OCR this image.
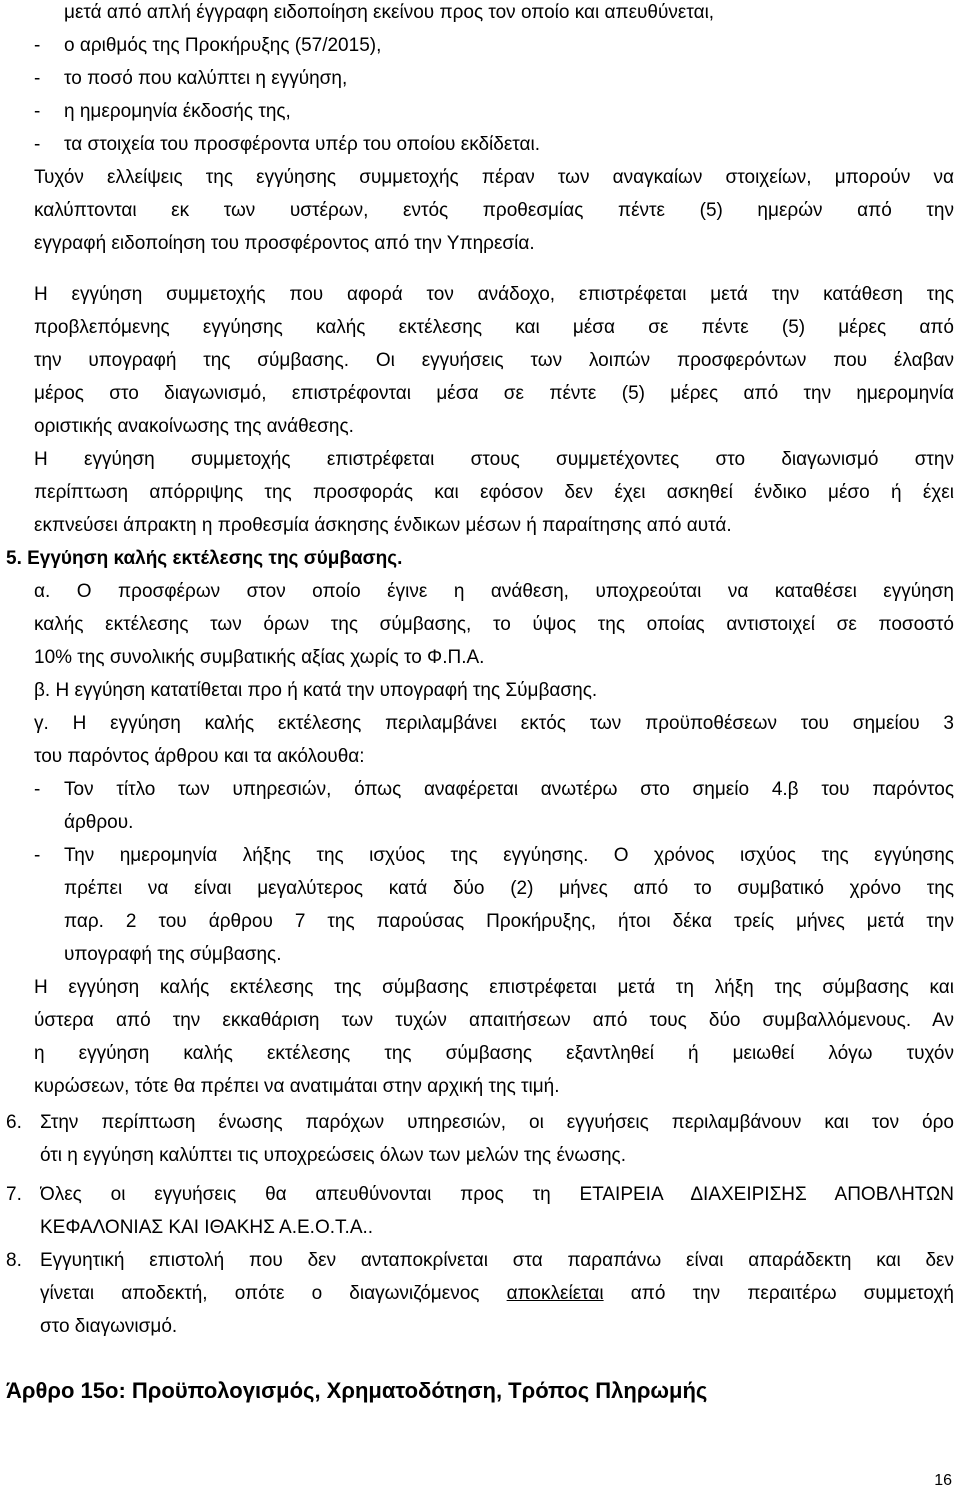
μετά από απλή έγγραφη ειδοποίηση εκείνου προς τον οποίο και απευθύνεται,
- ο αριθμός της Προκήρυξης (57/2015),
- το ποσό που καλύπτει η εγγύηση,
- η ημερομηνία έκδοσής της,
- τα στοιχεία του προσφέροντα υπέρ του οποίου εκδίδεται.
Τυχόν ελλείψεις της εγγύησης συμμετοχής πέραν των αναγκαίων στοιχείων, μπορούν να
καλύπτονται εκ των υστέρων, εντός προθεσμίας πέντε (5) ημερών από την
εγγραφή ειδοποίηση του προσφέροντος από την Υπηρεσία.
Η εγγύηση συμμετοχής που αφορά τον ανάδοχο, επιστρέφεται μετά την κατάθεση της
προβλεπόμενης εγγύησης καλής εκτέλεσης και μέσα σε πέντε (5) μέρες από
την υπογραφή της σύμβασης. Οι εγγυήσεις των λοιπών προσφερόντων που έλαβαν
μέρος στο διαγωνισμό, επιστρέφονται μέσα σε πέντε (5) μέρες από την ημερομηνία
οριστικής ανακοίνωσης της ανάθεσης.
Η εγγύηση συμμετοχής επιστρέφεται στους συμμετέχοντες στο διαγωνισμό στην
περίπτωση απόρριψης της προσφοράς και εφόσον δεν έχει ασκηθεί ένδικο μέσο ή έχει
εκπνεύσει άπρακτη η προθεσμία άσκησης ένδικων μέσων ή παραίτησης από αυτά.
5. Εγγύηση καλής εκτέλεσης της σύμβασης.
α. Ο προσφέρων στον οποίο έγινε η ανάθεση, υποχρεούται να καταθέσει εγγύηση
καλής εκτέλεσης των όρων της σύμβασης, το ύψος της οποίας αντιστοιχεί σε ποσοστό
10% της συνολικής συμβατικής αξίας χωρίς το Φ.Π.Α.
β. Η εγγύηση κατατίθεται προ ή κατά την υπογραφή της Σύμβασης.
γ. Η εγγύηση καλής εκτέλεσης περιλαμβάνει εκτός των προϋποθέσεων του σημείου 3
του παρόντος άρθρου και τα ακόλουθα:
- Τον τίτλο των υπηρεσιών, όπως αναφέρεται ανωτέρω στο σημείο 4.β του παρόντος
άρθρου.
- Την ημερομηνία λήξης της ισχύος της εγγύησης. Ο χρόνος ισχύος της εγγύησης
πρέπει να είναι μεγαλύτερος κατά δύο (2) μήνες από το συμβατικό χρόνο της
παρ. 2 του άρθρου 7 της παρούσας Προκήρυξης, ήτοι δέκα τρείς μήνες μετά την
υπογραφή της σύμβασης.
Η εγγύηση καλής εκτέλεσης της σύμβασης επιστρέφεται μετά τη λήξη της σύμβασης και
ύστερα από την εκκαθάριση των τυχών απαιτήσεων από τους δύο συμβαλλόμενους. Αν
η εγγύηση καλής εκτέλεσης της σύμβασης εξαντληθεί ή μειωθεί λόγω τυχόν
κυρώσεων, τότε θα πρέπει να ανατιμάται στην αρχική της τιμή.
6. Στην περίπτωση ένωσης παρόχων υπηρεσιών, οι εγγυήσεις περιλαμβάνουν και τον όρο
ότι η εγγύηση καλύπτει τις υποχρεώσεις όλων των μελών της ένωσης.
7. Όλες οι εγγυήσεις θα απευθύνονται προς τη ΕΤΑΙΡΕΙΑ ΔΙΑΧΕΙΡΙΣΗΣ ΑΠΟΒΛΗΤΩΝ
ΚΕΦΑΛΟΝΙΑΣ ΚΑΙ ΙΘΑΚΗΣ Α.Ε.Ο.Τ.Α..
8. Εγγυητική επιστολή που δεν ανταποκρίνεται στα παραπάνω είναι απαράδεκτη και δεν
γίνεται αποδεκτή, οπότε ο διαγωνιζόμενος αποκλείεται από την περαιτέρω συμμετοχή
στο διαγωνισμό.
Άρθρο 15ο: Προϋπολογισμός, Χρηματοδότηση, Τρόπος Πληρωμής
16
